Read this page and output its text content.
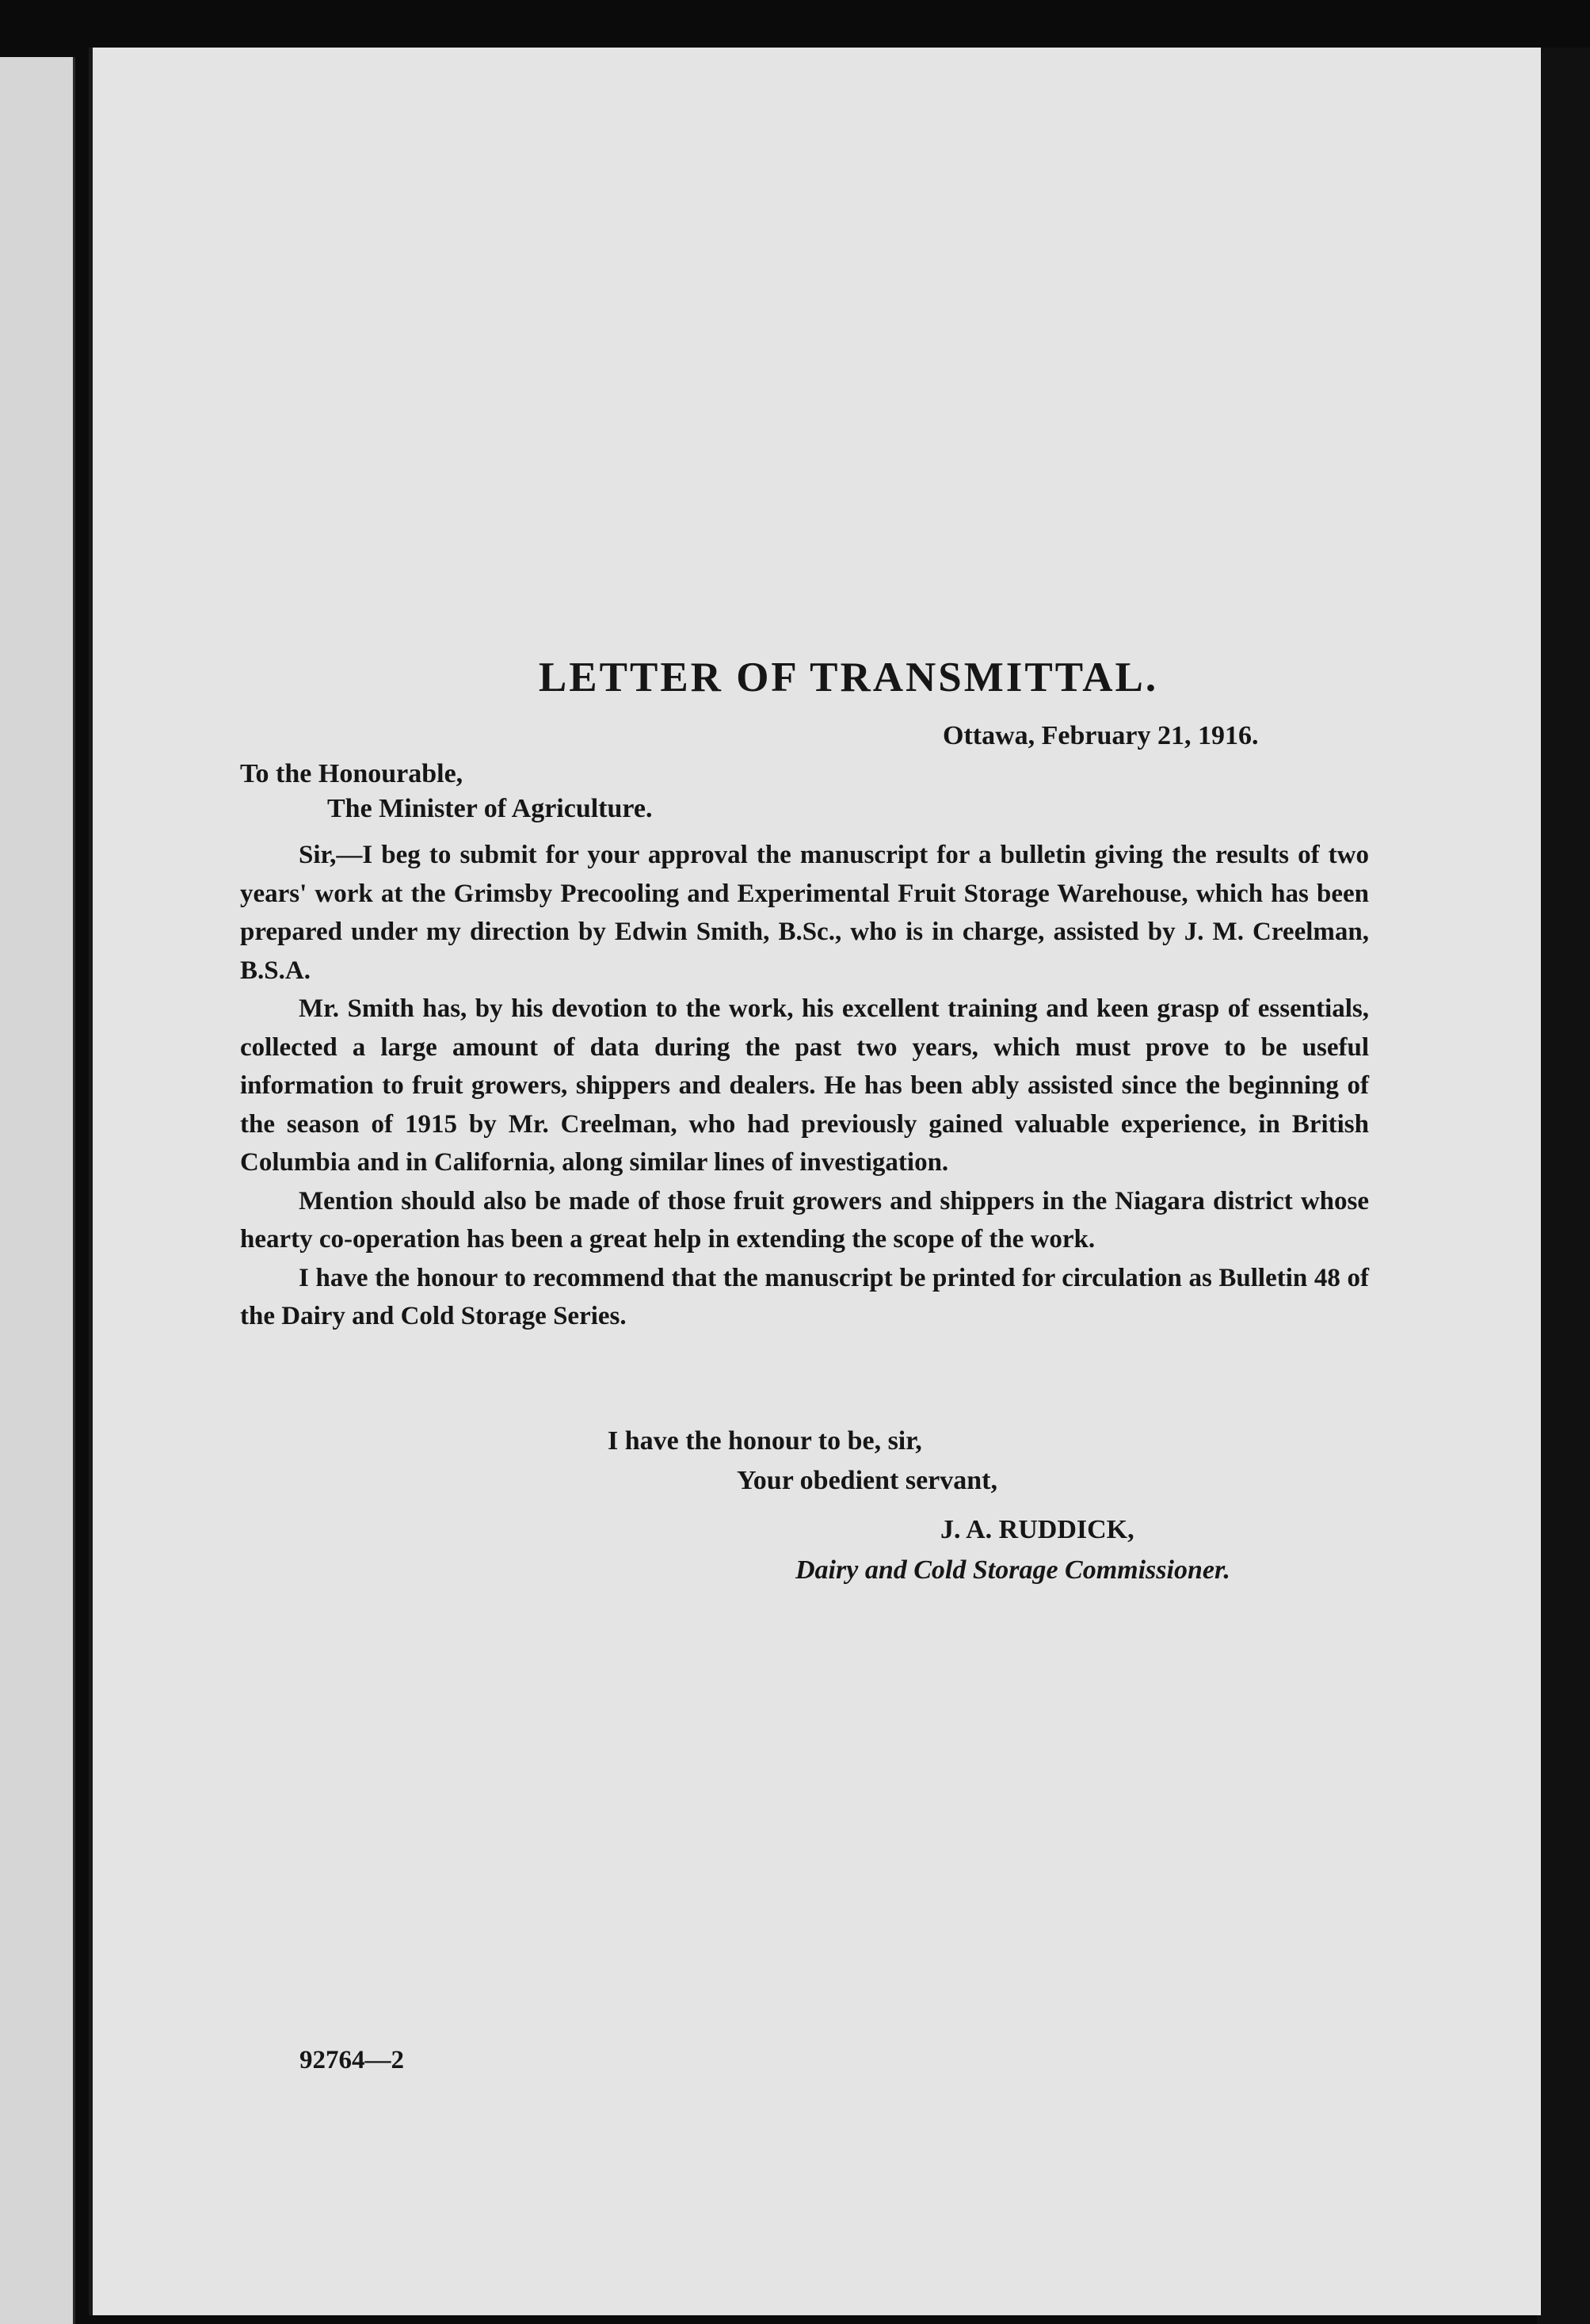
LETTER OF TRANSMITTAL.
Ottawa, February 21, 1916.
To the Honourable,
The Minister of Agriculture.

Sir,—I beg to submit for your approval the manuscript for a bulletin giving the results of two years' work at the Grimsby Precooling and Experimental Fruit Storage Warehouse, which has been prepared under my direction by Edwin Smith, B.Sc., who is in charge, assisted by J. M. Creelman, B.S.A.

Mr. Smith has, by his devotion to the work, his excellent training and keen grasp of essentials, collected a large amount of data during the past two years, which must prove to be useful information to fruit growers, shippers and dealers. He has been ably assisted since the beginning of the season of 1915 by Mr. Creelman, who had previously gained valuable experience, in British Columbia and in California, along similar lines of investigation.

Mention should also be made of those fruit growers and shippers in the Niagara district whose hearty co-operation has been a great help in extending the scope of the work.

I have the honour to recommend that the manuscript be printed for circulation as Bulletin 48 of the Dairy and Cold Storage Series.

I have the honour to be, sir,
Your obedient servant,
J. A. RUDDICK,
Dairy and Cold Storage Commissioner.
92764—2
